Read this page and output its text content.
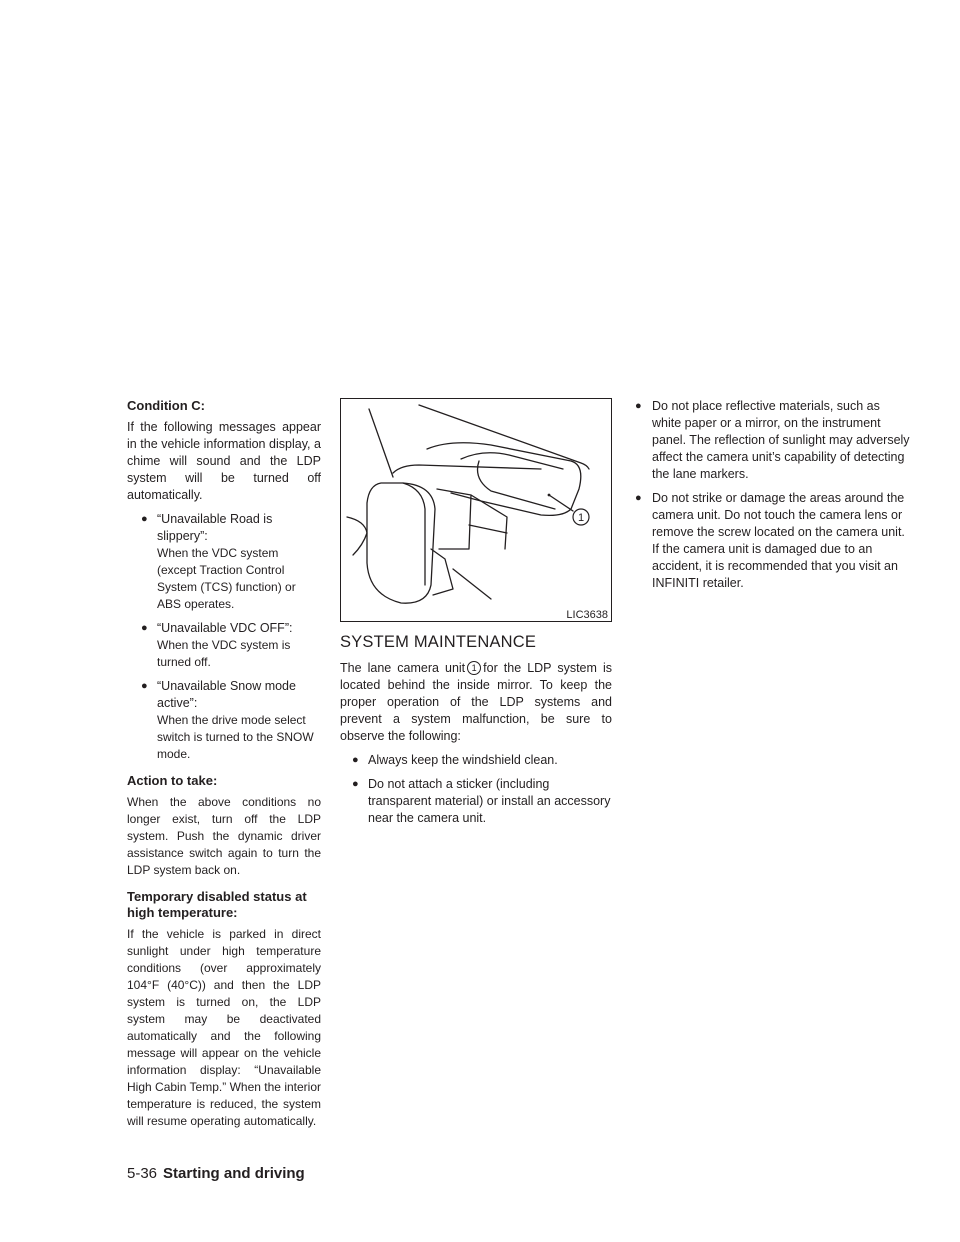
Condition C:

If the following messages appear in the vehicle information display, a chime will sound and the LDP system will be turned off automatically.

● “Unavailable Road is slippery”:
When the VDC system (except Traction Control System (TCS) function) or ABS operates.
● “Unavailable VDC OFF”:
When the VDC system is turned off.
● “Unavailable Snow mode active”:
When the drive mode select switch is turned to the SNOW mode.
Action to take:

When the above conditions no longer exist, turn off the LDP system. Push the dynamic driver assistance switch again to turn the LDP system back on.

Temporary disabled status at high temperature:

If the vehicle is parked in direct sunlight under high temperature conditions (over approximately 104°F (40°C)) and then the LDP system is turned on, the LDP system may be deactivated automatically and the following message will appear on the vehicle information display: “Unavailable High Cabin Temp.” When the interior temperature is reduced, the system will resume operating automatically.

1
LIC3638
SYSTEM MAINTENANCE

The lane camera unit 1 for the LDP system is located behind the inside mirror. To keep the proper operation of the LDP systems and prevent a system malfunction, be sure to observe the following:

● Always keep the windshield clean.
● Do not attach a sticker (including transparent material) or install an accessory near the camera unit.
● Do not place reflective materials, such as white paper or a mirror, on the instrument panel. The reflection of sunlight may adversely affect the camera unit’s capability of detecting the lane markers.
● Do not strike or damage the areas around the camera unit. Do not touch the camera lens or remove the screw located on the camera unit. If the camera unit is damaged due to an accident, it is recommended that you visit an INFINITI retailer.
5-36 Starting and driving
